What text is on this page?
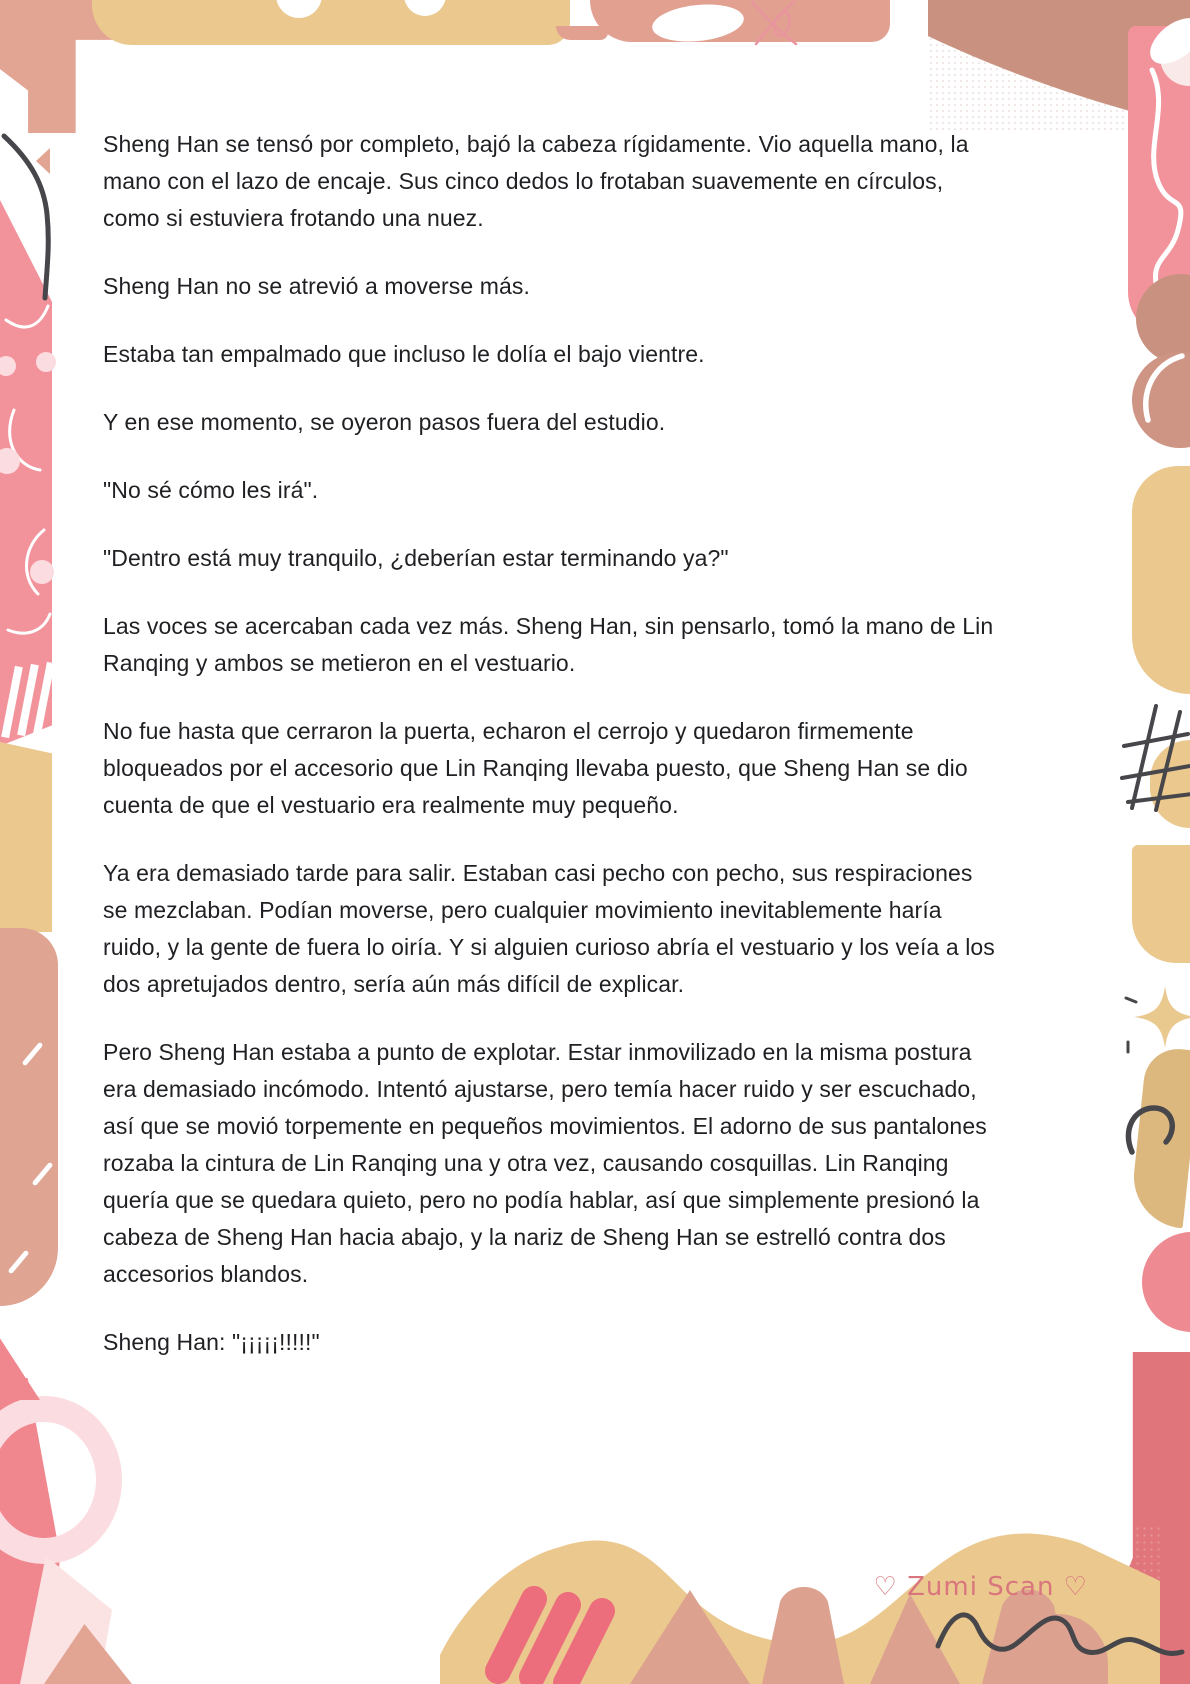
Sheng Han se tensó por completo, bajó la cabeza rígidamente. Vio aquella mano, la mano con el lazo de encaje. Sus cinco dedos lo frotaban suavemente en círculos, como si estuviera frotando una nuez.

Sheng Han no se atrevió a moverse más.

Estaba tan empalmado que incluso le dolía el bajo vientre.

Y en ese momento, se oyeron pasos fuera del estudio.

"No sé cómo les irá".

"Dentro está muy tranquilo, ¿deberían estar terminando ya?"

Las voces se acercaban cada vez más. Sheng Han, sin pensarlo, tomó la mano de Lin Ranqing y ambos se metieron en el vestuario.

No fue hasta que cerraron la puerta, echaron el cerrojo y quedaron firmemente bloqueados por el accesorio que Lin Ranqing llevaba puesto, que Sheng Han se dio cuenta de que el vestuario era realmente muy pequeño.

Ya era demasiado tarde para salir. Estaban casi pecho con pecho, sus respiraciones se mezclaban. Podían moverse, pero cualquier movimiento inevitablemente haría ruido, y la gente de fuera lo oiría. Y si alguien curioso abría el vestuario y los veía a los dos apretujados dentro, sería aún más difícil de explicar.

Pero Sheng Han estaba a punto de explotar. Estar inmovilizado en la misma postura era demasiado incómodo. Intentó ajustarse, pero temía hacer ruido y ser escuchado, así que se movió torpemente en pequeños movimientos. El adorno de sus pantalones rozaba la cintura de Lin Ranqing una y otra vez, causando cosquillas. Lin Ranqing quería que se quedara quieto, pero no podía hablar, así que simplemente presionó la cabeza de Sheng Han hacia abajo, y la nariz de Sheng Han se estrelló contra dos accesorios blandos.

Sheng Han: "¡¡¡¡¡!!!!!"

♡ Zumi Scan ♡
